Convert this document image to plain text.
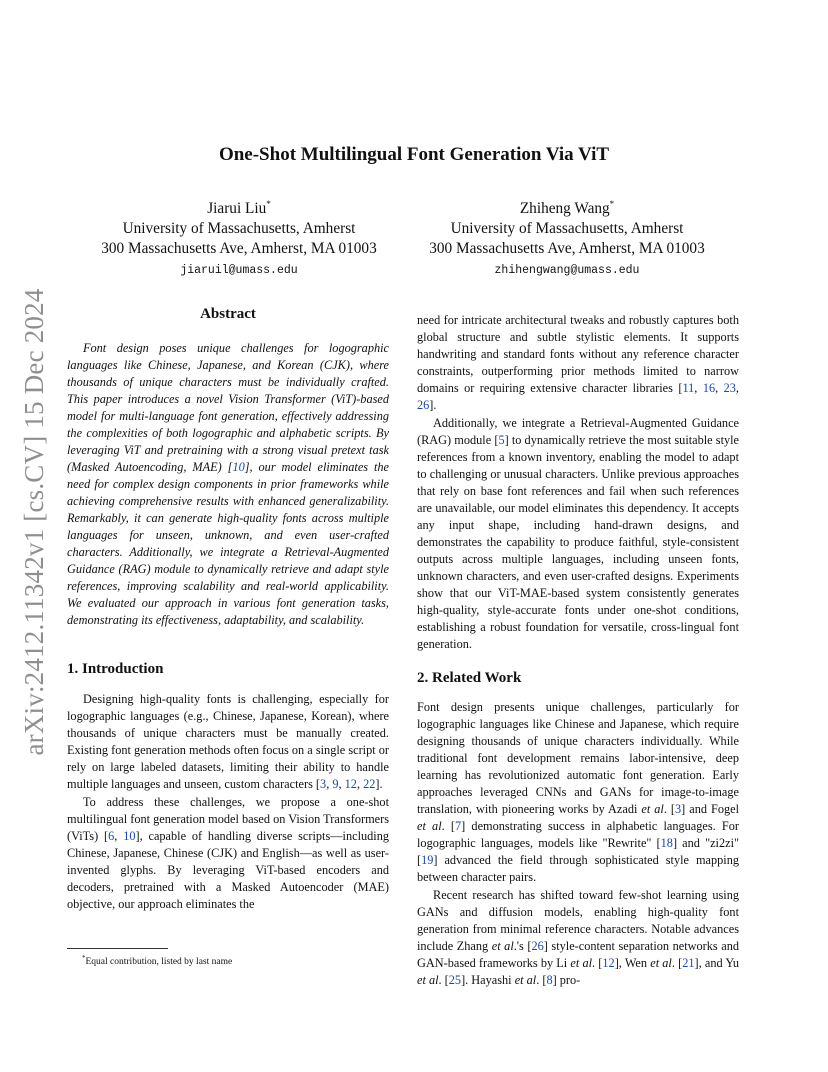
arXiv:2412.11342v1 [cs.CV] 15 Dec 2024
One-Shot Multilingual Font Generation Via ViT
Jiarui Liu*
University of Massachusetts, Amherst
300 Massachusetts Ave, Amherst, MA 01003
jiaruil@umass.edu
Zhiheng Wang*
University of Massachusetts, Amherst
300 Massachusetts Ave, Amherst, MA 01003
zhihengwang@umass.edu
Abstract

Font design poses unique challenges for logographic languages like Chinese, Japanese, and Korean (CJK), where thousands of unique characters must be individually crafted. This paper introduces a novel Vision Transformer (ViT)-based model for multi-language font generation, effectively addressing the complexities of both logographic and alphabetic scripts. By leveraging ViT and pretraining with a strong visual pretext task (Masked Autoencoding, MAE) [10], our model eliminates the need for complex design components in prior frameworks while achieving comprehensive results with enhanced generalizability. Remarkably, it can generate high-quality fonts across multiple languages for unseen, unknown, and even user-crafted characters. Additionally, we integrate a Retrieval-Augmented Guidance (RAG) module to dynamically retrieve and adapt style references, improving scalability and real-world applicability. We evaluated our approach in various font generation tasks, demonstrating its effectiveness, adaptability, and scalability.

1. Introduction

Designing high-quality fonts is challenging, especially for logographic languages (e.g., Chinese, Japanese, Korean), where thousands of unique characters must be manually created. Existing font generation methods often focus on a single script or rely on large labeled datasets, limiting their ability to handle multiple languages and unseen, custom characters [3, 9, 12, 22].

To address these challenges, we propose a one-shot multilingual font generation model based on Vision Transformers (ViTs) [6, 10], capable of handling diverse scripts—including Chinese, Japanese, Chinese (CJK) and English—as well as user-invented glyphs. By leveraging ViT-based encoders and decoders, pretrained with a Masked Autoencoder (MAE) objective, our approach eliminates the

need for intricate architectural tweaks and robustly captures both global structure and subtle stylistic elements. It supports handwriting and standard fonts without any reference character constraints, outperforming prior methods limited to narrow domains or requiring extensive character libraries [11, 16, 23, 26].

Additionally, we integrate a Retrieval-Augmented Guidance (RAG) module [5] to dynamically retrieve the most suitable style references from a known inventory, enabling the model to adapt to challenging or unusual characters. Unlike previous approaches that rely on base font references and fail when such references are unavailable, our model eliminates this dependency. It accepts any input shape, including hand-drawn designs, and demonstrates the capability to produce faithful, style-consistent outputs across multiple languages, including unseen fonts, unknown characters, and even user-crafted designs. Experiments show that our ViT-MAE-based system consistently generates high-quality, style-accurate fonts under one-shot conditions, establishing a robust foundation for versatile, cross-lingual font generation.

2. Related Work

Font design presents unique challenges, particularly for logographic languages like Chinese and Japanese, which require designing thousands of unique characters individually. While traditional font development remains labor-intensive, deep learning has revolutionized automatic font generation. Early approaches leveraged CNNs and GANs for image-to-image translation, with pioneering works by Azadi et al. [3] and Fogel et al. [7] demonstrating success in alphabetic languages. For logographic languages, models like "Rewrite" [18] and "zi2zi" [19] advanced the field through sophisticated style mapping between character pairs.

Recent research has shifted toward few-shot learning using GANs and diffusion models, enabling high-quality font generation from minimal reference characters. Notable advances include Zhang et al.'s [26] style-content separation networks and GAN-based frameworks by Li et al. [12], Wen et al. [21], and Yu et al. [25]. Hayashi et al. [8] pro-

*Equal contribution, listed by last name
